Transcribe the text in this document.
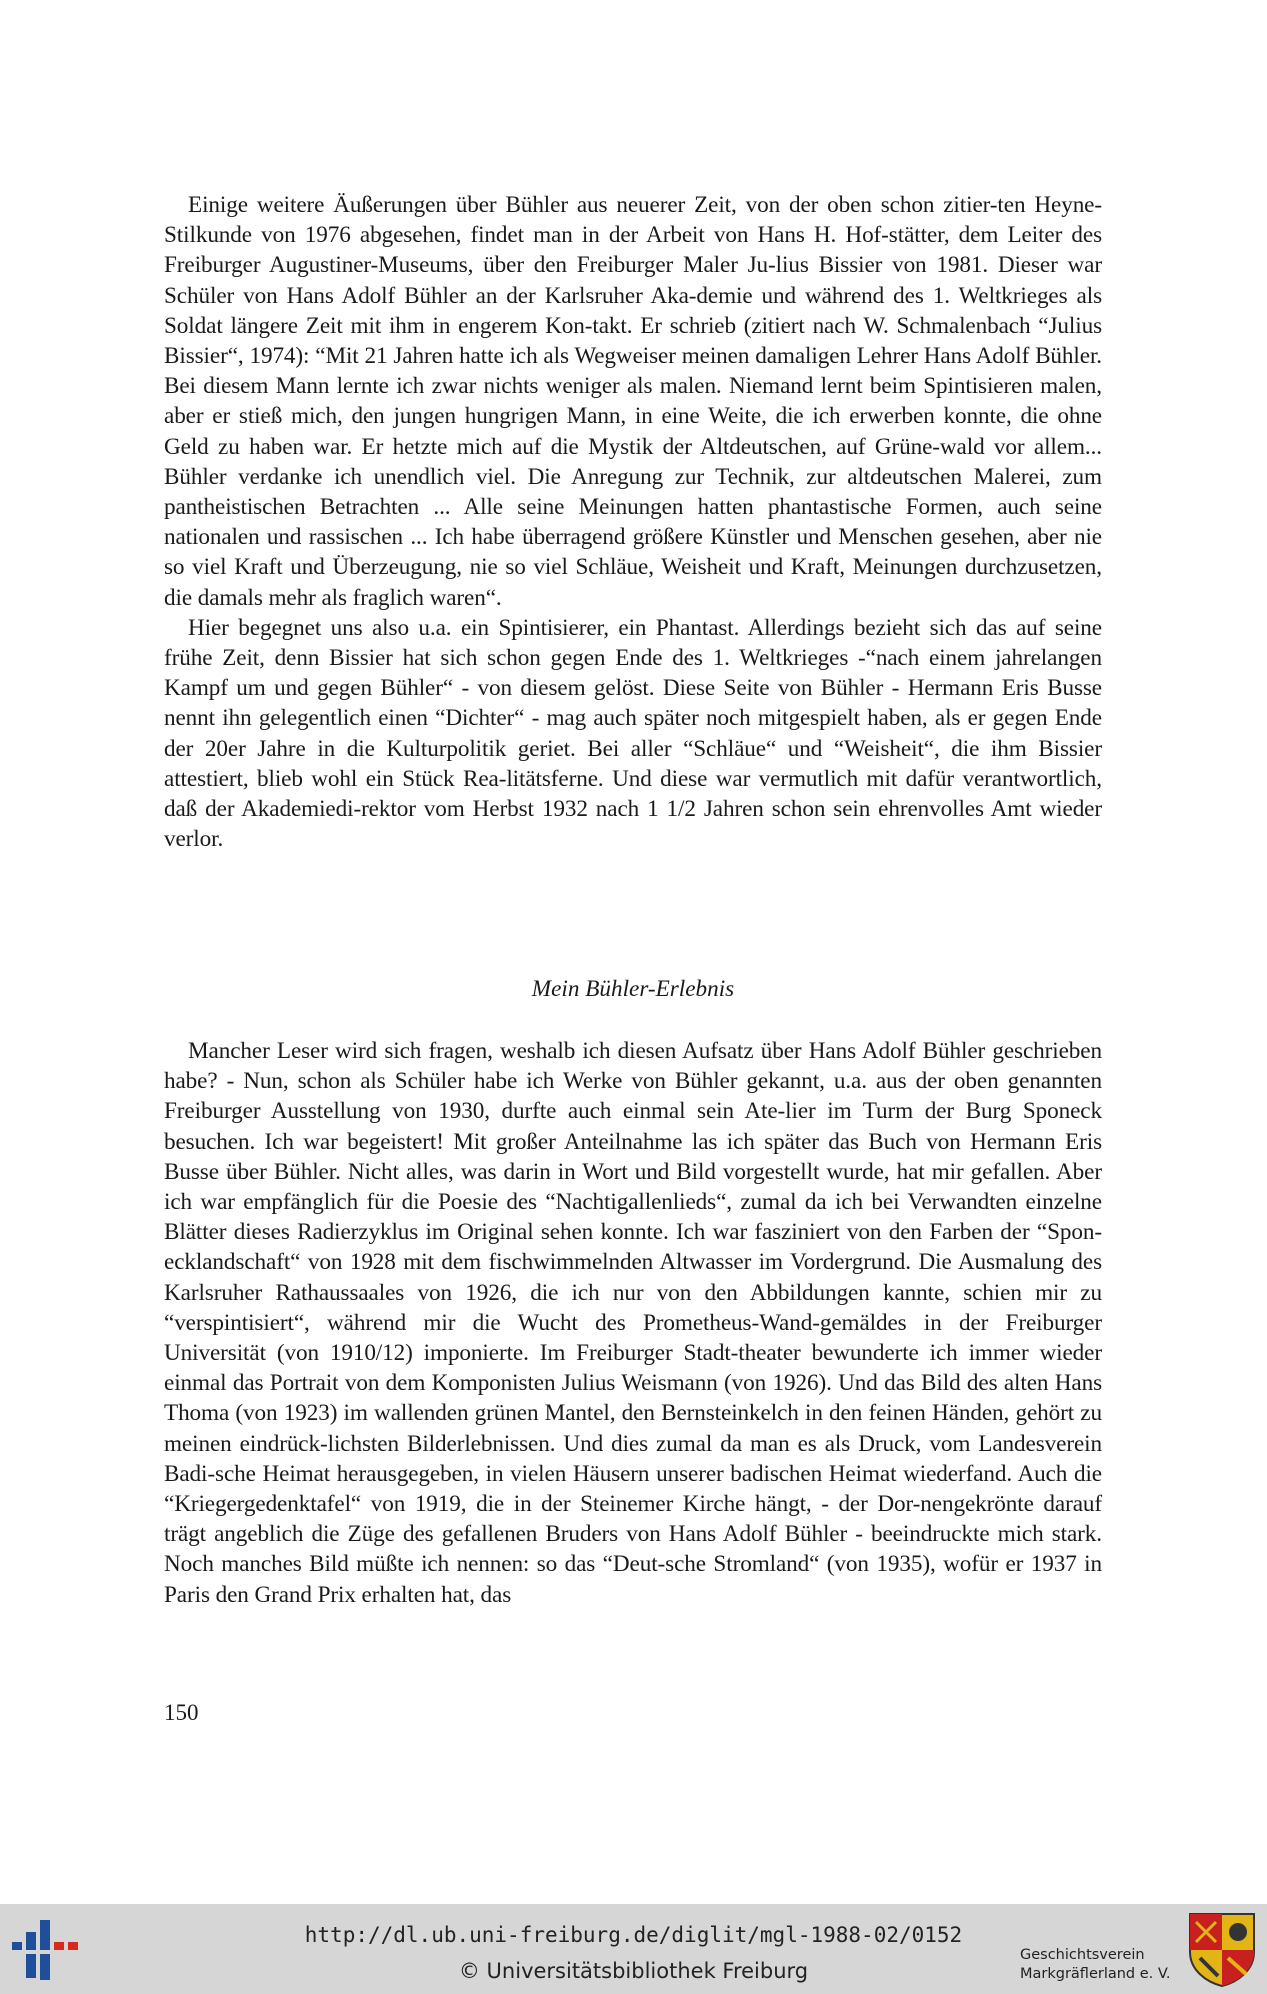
Einige weitere Äußerungen über Bühler aus neuerer Zeit, von der oben schon zitier-ten Heyne-Stilkunde von 1976 abgesehen, findet man in der Arbeit von Hans H. Hof-stätter, dem Leiter des Freiburger Augustiner-Museums, über den Freiburger Maler Ju-lius Bissier von 1981. Dieser war Schüler von Hans Adolf Bühler an der Karlsruher Aka-demie und während des 1. Weltkrieges als Soldat längere Zeit mit ihm in engerem Kon-takt. Er schrieb (zitiert nach W. Schmalenbach “Julius Bissier“, 1974): “Mit 21 Jahren hatte ich als Wegweiser meinen damaligen Lehrer Hans Adolf Bühler. Bei diesem Mann lernte ich zwar nichts weniger als malen. Niemand lernt beim Spintisieren malen, aber er stieß mich, den jungen hungrigen Mann, in eine Weite, die ich erwerben konnte, die ohne Geld zu haben war. Er hetzte mich auf die Mystik der Altdeutschen, auf Grüne-wald vor allem... Bühler verdanke ich unendlich viel. Die Anregung zur Technik, zur altdeutschen Malerei, zum pantheistischen Betrachten ... Alle seine Meinungen hatten phantastische Formen, auch seine nationalen und rassischen ... Ich habe überragend größere Künstler und Menschen gesehen, aber nie so viel Kraft und Überzeugung, nie so viel Schläue, Weisheit und Kraft, Meinungen durchzusetzen, die damals mehr als fraglich waren“.

Hier begegnet uns also u.a. ein Spintisierer, ein Phantast. Allerdings bezieht sich das auf seine frühe Zeit, denn Bissier hat sich schon gegen Ende des 1. Weltkrieges -“nach einem jahrelangen Kampf um und gegen Bühler“ - von diesem gelöst. Diese Seite von Bühler - Hermann Eris Busse nennt ihn gelegentlich einen “Dichter“ - mag auch später noch mitgespielt haben, als er gegen Ende der 20er Jahre in die Kulturpolitik geriet. Bei aller “Schläue“ und “Weisheit“, die ihm Bissier attestiert, blieb wohl ein Stück Rea-litätsferne. Und diese war vermutlich mit dafür verantwortlich, daß der Akademiedi-rektor vom Herbst 1932 nach 1 1/2 Jahren schon sein ehrenvolles Amt wieder verlor.

Mein Bühler-Erlebnis

Mancher Leser wird sich fragen, weshalb ich diesen Aufsatz über Hans Adolf Bühler geschrieben habe? - Nun, schon als Schüler habe ich Werke von Bühler gekannt, u.a. aus der oben genannten Freiburger Ausstellung von 1930, durfte auch einmal sein Ate-lier im Turm der Burg Sponeck besuchen. Ich war begeistert! Mit großer Anteilnahme las ich später das Buch von Hermann Eris Busse über Bühler. Nicht alles, was darin in Wort und Bild vorgestellt wurde, hat mir gefallen. Aber ich war empfänglich für die Poesie des “Nachtigallenlieds“, zumal da ich bei Verwandten einzelne Blätter dieses Radierzyklus im Original sehen konnte. Ich war fasziniert von den Farben der “Spon-ecklandschaft“ von 1928 mit dem fischwimmelnden Altwasser im Vordergrund. Die Ausmalung des Karlsruher Rathaussaales von 1926, die ich nur von den Abbildungen kannte, schien mir zu “verspintisiert“, während mir die Wucht des Prometheus-Wand-gemäldes in der Freiburger Universität (von 1910/12) imponierte. Im Freiburger Stadt-theater bewunderte ich immer wieder einmal das Portrait von dem Komponisten Julius Weismann (von 1926). Und das Bild des alten Hans Thoma (von 1923) im wallenden grünen Mantel, den Bernsteinkelch in den feinen Händen, gehört zu meinen eindrück-lichsten Bilderlebnissen. Und dies zumal da man es als Druck, vom Landesverein Badi-sche Heimat herausgegeben, in vielen Häusern unserer badischen Heimat wiederfand. Auch die “Kriegergedenktafel“ von 1919, die in der Steinemer Kirche hängt, - der Dor-nengekrönte darauf trägt angeblich die Züge des gefallenen Bruders von Hans Adolf Bühler - beeindruckte mich stark. Noch manches Bild müßte ich nennen: so das “Deut-sche Stromland“ (von 1935), wofür er 1937 in Paris den Grand Prix erhalten hat, das

150
http://dl.ub.uni-freiburg.de/diglit/mgl-1988-02/0152
© Universitätsbibliothek Freiburg
Geschichtsverein
Markgräflerland e. V.
